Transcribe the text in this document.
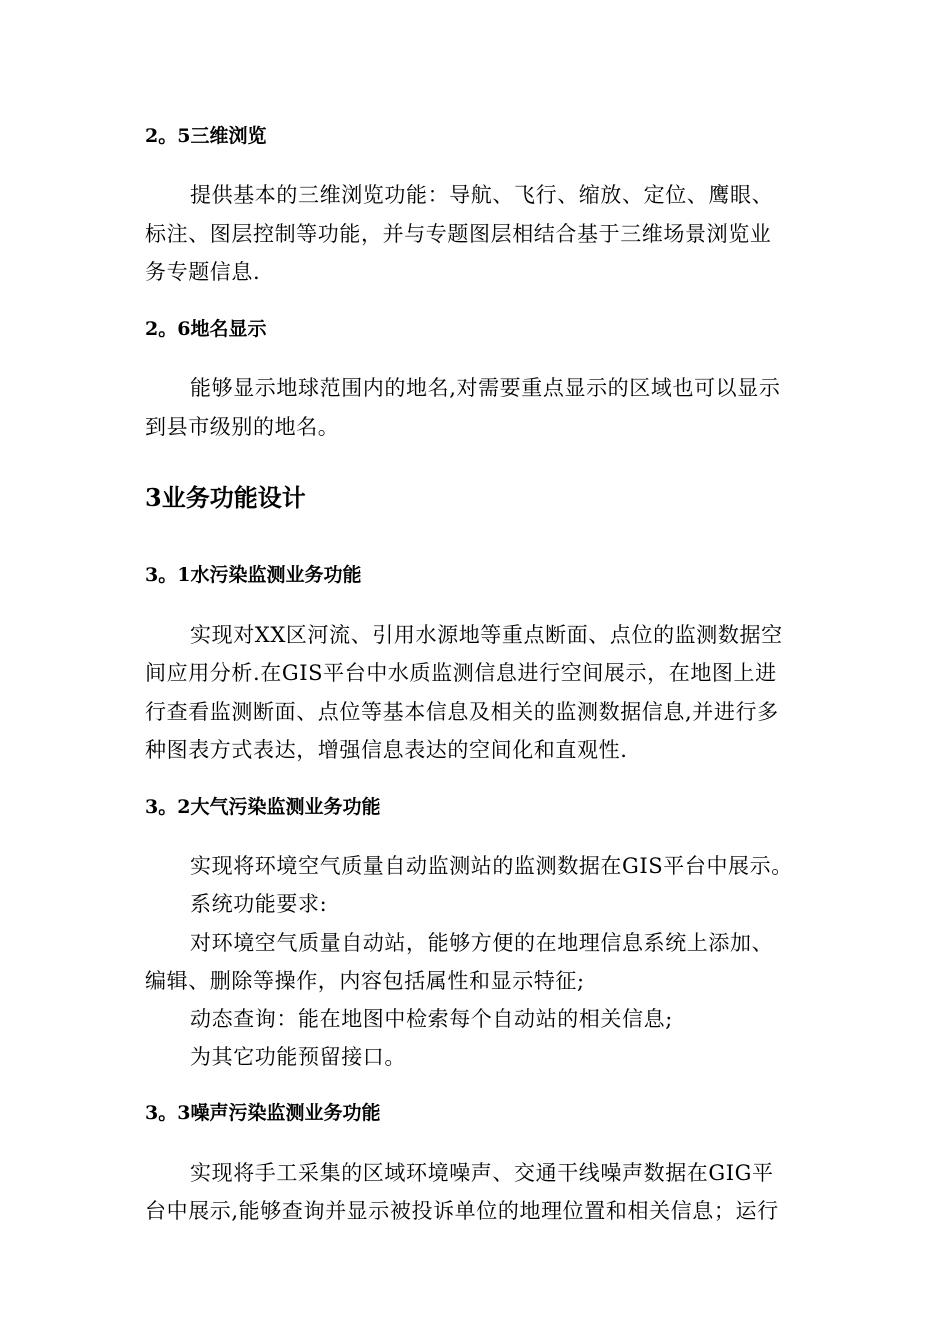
2。5三维浏览
提供基本的三维浏览功能：导航、飞行、缩放、定位、鹰眼、
标注、图层控制等功能，并与专题图层相结合基于三维场景浏览业
务专题信息.
2。6地名显示
能够显示地球范围内的地名,对需要重点显示的区域也可以显示
到县市级别的地名。
3业务功能设计
3。1水污染监测业务功能
实现对XX区河流、引用水源地等重点断面、点位的监测数据空
间应用分析.在GIS平台中水质监测信息进行空间展示，在地图上进
行查看监测断面、点位等基本信息及相关的监测数据信息,并进行多
种图表方式表达，增强信息表达的空间化和直观性.
3。2大气污染监测业务功能
实现将环境空气质量自动监测站的监测数据在GIS平台中展示。
系统功能要求:
对环境空气质量自动站，能够方便的在地理信息系统上添加、
编辑、删除等操作，内容包括属性和显示特征;
动态查询：能在地图中检索每个自动站的相关信息;
为其它功能预留接口。
3。3噪声污染监测业务功能
实现将手工采集的区域环境噪声、交通干线噪声数据在GIG平
台中展示,能够查询并显示被投诉单位的地理位置和相关信息；运行
